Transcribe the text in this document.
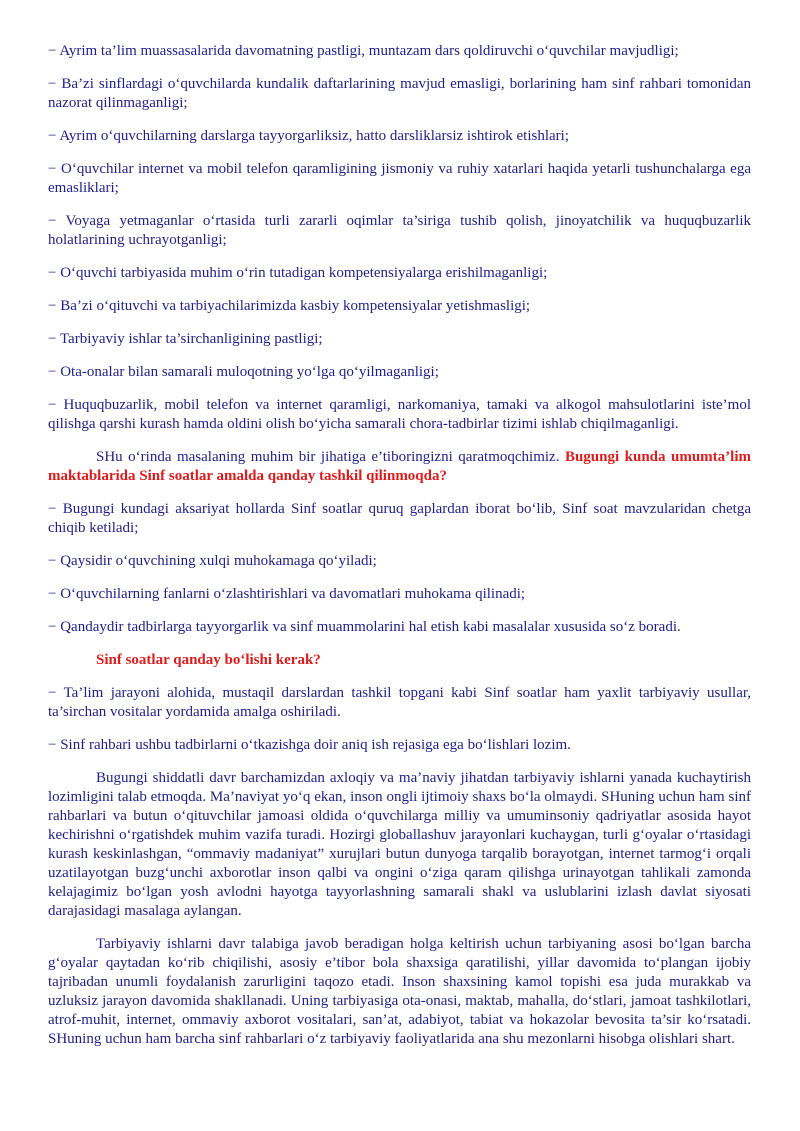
− Ayrim ta’lim muassasalarida davomatning pastligi, muntazam dars qoldiruvchi o‘quvchilar mavjudligi;

− Ba’zi sinflardagi o‘quvchilarda kundalik daftarlarining mavjud emasligi, borlarining ham sinf rahbari tomonidan nazorat qilinmaganligi;

− Ayrim o‘quvchilarning darslarga tayyorgarliksiz, hatto darsliklarsiz ishtirok etishlari;

− O‘quvchilar internet va mobil telefon qaramligining jismoniy va ruhiy xatarlari haqida yetarli tushunchalarga ega emasliklari;

− Voyaga yetmaganlar o‘rtasida turli zararli oqimlar ta’siriga tushib qolish, jinoyatchilik va huquqbuzarlik holatlarining uchrayotganligi;

− O‘quvchi tarbiyasida muhim o‘rin tutadigan kompetensiyalarga erishilmaganligi;

− Ba’zi o‘qituvchi va tarbiyachilarimizda kasbiy kompetensiyalar yetishmasligi;

− Tarbiyaviy ishlar ta’sirchanligining pastligi;

− Ota-onalar bilan samarali muloqotning yo‘lga qo‘yilmaganligi;

− Huquqbuzarlik, mobil telefon va internet qaramligi, narkomaniya, tamaki va alkogol mahsulotlarini iste’mol qilishga qarshi kurash hamda oldini olish bo‘yicha samarali chora-tadbirlar tizimi ishlab chiqilmaganligi.

SHu o‘rinda masalaning muhim bir jihatiga e’tiboringizni qaratmoqchimiz. Bugungi kunda umumta’lim maktablarida Sinf soatlar amalda qanday tashkil qilinmoqda?

− Bugungi kundagi aksariyat hollarda Sinf soatlar quruq gaplardan iborat bo‘lib, Sinf soat mavzularidan chetga chiqib ketiladi;

− Qaysidir o‘quvchining xulqi muhokamaga qo‘yiladi;

− O‘quvchilarning fanlarni o‘zlashtirishlari va davomatlari muhokama qilinadi;

− Qandaydir tadbirlarga tayyorgarlik va sinf muammolarini hal etish kabi masalalar xususida so‘z boradi.

Sinf soatlar qanday bo‘lishi kerak?

− Ta’lim jarayoni alohida, mustaqil darslardan tashkil topgani kabi Sinf soatlar ham yaxlit tarbiyaviy usullar, ta’sirchan vositalar yordamida amalga oshiriladi.

− Sinf rahbari ushbu tadbirlarni o‘tkazishga doir aniq ish rejasiga ega bo‘lishlari lozim.

Bugungi shiddatli davr barchamizdan axloqiy va ma’naviy jihatdan tarbiyaviy ishlarni yanada kuchaytirish lozimligini talab etmoqda. Ma’naviyat yo‘q ekan, inson ongli ijtimoiy shaxs bo‘la olmaydi. SHuning uchun ham sinf rahbarlari va butun o‘qituvchilar jamoasi oldida o‘quvchilarga milliy va umuminsoniy qadriyatlar asosida hayot kechirishni o‘rgatishdek muhim vazifa turadi. Hozirgi globallashuv jarayonlari kuchaygan, turli g‘oyalar o‘rtasidagi kurash keskinlashgan, “ommaviy madaniyat” xurujlari butun dunyoga tarqalib borayotgan, internet tarmog‘i orqali uzatilayotgan buzg‘unchi axborotlar inson qalbi va ongini o‘ziga qaram qilishga urinayotgan tahlikali zamonda kelajagimiz bo‘lgan yosh avlodni hayotga tayyorlashning samarali shakl va uslublarini izlash davlat siyosati darajasidagi masalaga aylangan.

Tarbiyaviy ishlarni davr talabiga javob beradigan holga keltirish uchun tarbiyaning asosi bo‘lgan barcha g‘oyalar qaytadan ko‘rib chiqilishi, asosiy e’tibor bola shaxsiga qaratilishi, yillar davomida to‘plangan ijobiy tajribadan unumli foydalanish zarurligini taqozo etadi. Inson shaxsining kamol topishi esa juda murakkab va uzluksiz jarayon davomida shakllanadi. Uning tarbiyasiga ota-onasi, maktab, mahalla, do‘stlari, jamoat tashkilotlari, atrof-muhit, internet, ommaviy axborot vositalari, san’at, adabiyot, tabiat va hokazolar bevosita ta’sir ko‘rsatadi. SHuning uchun ham barcha sinf rahbarlari o‘z tarbiyaviy faoliyatlarida ana shu mezonlarni hisobga olishlari shart.
